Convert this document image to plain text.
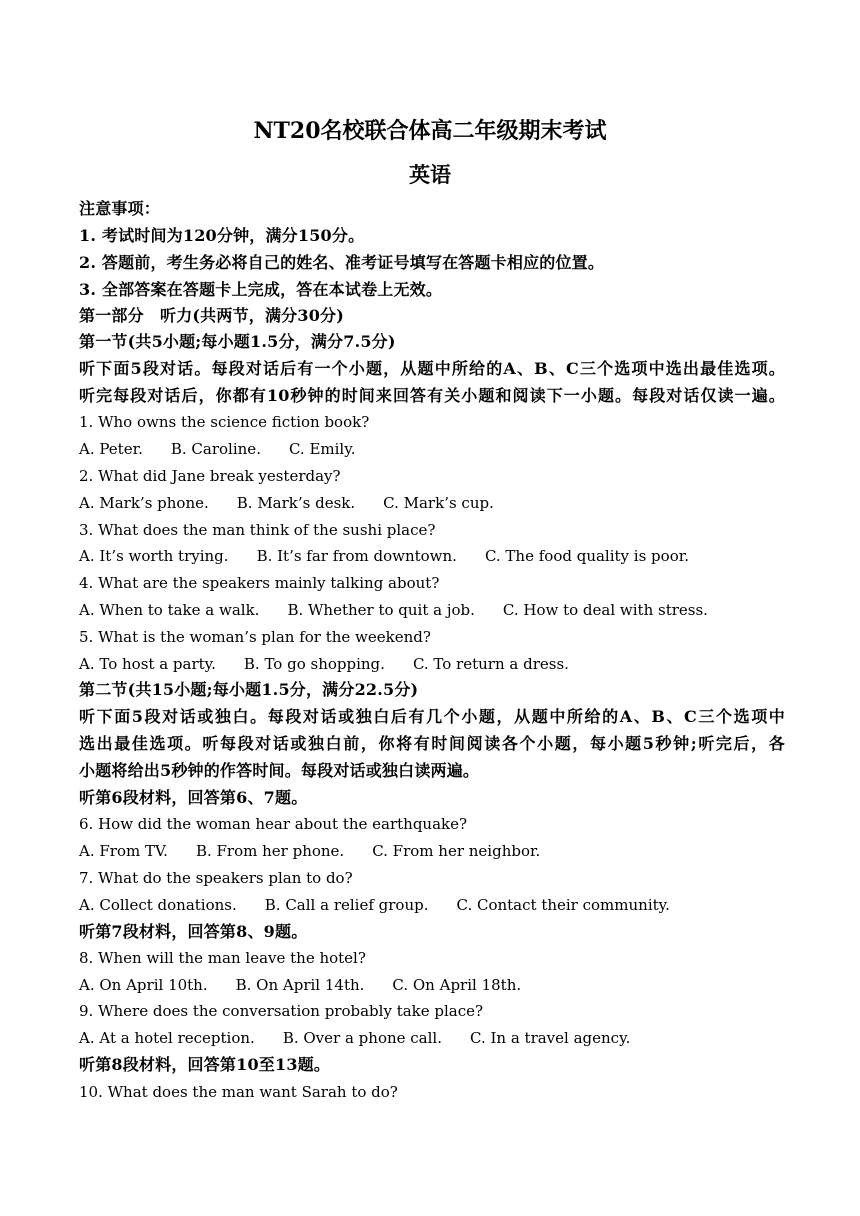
NT20名校联合体高二年级期末考试
英语
注意事项：
1. 考试时间为120分钟，满分150分。
2. 答题前，考生务必将自己的姓名、准考证号填写在答题卡相应的位置。
3. 全部答案在答题卡上完成，答在本试卷上无效。
第一部分　听力(共两节，满分30分)
第一节(共5小题;每小题1.5分，满分7.5分)
听下面5段对话。每段对话后有一个小题，从题中所给的A、B、C三个选项中选出最佳选项。
听完每段对话后，你都有10秒钟的时间来回答有关小题和阅读下一小题。每段对话仅读一遍。
1. Who owns the science fiction book?
A. Peter. B. Caroline. C. Emily.
2. What did Jane break yesterday?
A. Mark’s phone. B. Mark’s desk. C. Mark’s cup.
3. What does the man think of the sushi place?
A. It’s worth trying. B. It’s far from downtown. C. The food quality is poor.
4. What are the speakers mainly talking about?
A. When to take a walk. B. Whether to quit a job. C. How to deal with stress.
5. What is the woman’s plan for the weekend?
A. To host a party. B. To go shopping. C. To return a dress.
第二节(共15小题;每小题1.5分，满分22.5分)
听下面5段对话或独白。每段对话或独白后有几个小题，从题中所给的A、B、C三个选项中
选出最佳选项。听每段对话或独白前，你将有时间阅读各个小题，每小题5秒钟;听完后，各
小题将给出5秒钟的作答时间。每段对话或独白读两遍。
听第6段材料，回答第6、7题。
6. How did the woman hear about the earthquake?
A. From TV. B. From her phone. C. From her neighbor.
7. What do the speakers plan to do?
A. Collect donations. B. Call a relief group. C. Contact their community.
听第7段材料，回答第8、9题。
8. When will the man leave the hotel?
A. On April 10th. B. On April 14th. C. On April 18th.
9. Where does the conversation probably take place?
A. At a hotel reception. B. Over a phone call. C. In a travel agency.
听第8段材料，回答第10至13题。
10. What does the man want Sarah to do?
